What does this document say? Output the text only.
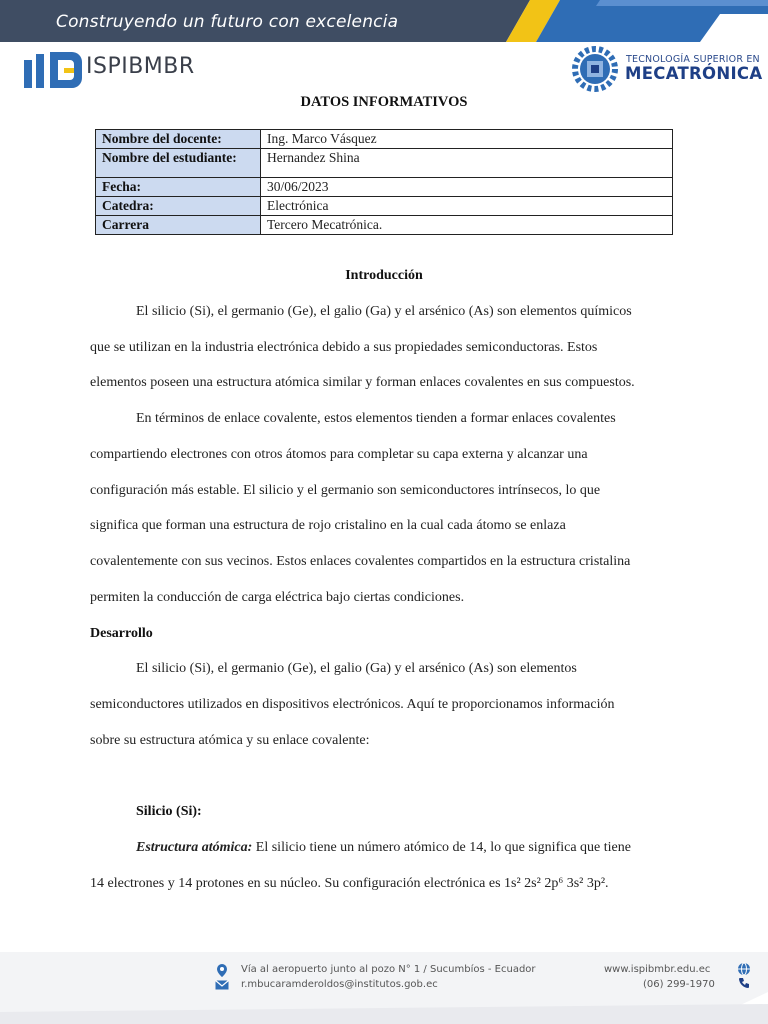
Construyendo un futuro con excelencia
ISPIBMBR	TECNOLOGÍA SUPERIOR EN
MECATRÓNICA
DATOS INFORMATIVOS
Nombre del docente:	Ing. Marco Vásquez
Nombre del estudiante:	Hernandez Shina
Fecha:	30/06/2023
Catedra:	Electrónica
Carrera	Tercero Mecatrónica.
Introducción
El silicio (Si), el germanio (Ge), el galio (Ga) y el arsénico (As) son elementos químicos
que se utilizan en la industria electrónica debido a sus propiedades semiconductoras. Estos
elementos poseen una estructura atómica similar y forman enlaces covalentes en sus compuestos.
En términos de enlace covalente, estos elementos tienden a formar enlaces covalentes
compartiendo electrones con otros átomos para completar su capa externa y alcanzar una
configuración más estable. El silicio y el germanio son semiconductores intrínsecos, lo que
significa que forman una estructura de rojo cristalino en la cual cada átomo se enlaza
covalentemente con sus vecinos. Estos enlaces covalentes compartidos en la estructura cristalina
permiten la conducción de carga eléctrica bajo ciertas condiciones.
Desarrollo
El silicio (Si), el germanio (Ge), el galio (Ga) y el arsénico (As) son elementos
semiconductores utilizados en dispositivos electrónicos. Aquí te proporcionamos información
sobre su estructura atómica y su enlace covalente:
Silicio (Si):
Estructura atómica: El silicio tiene un número atómico de 14, lo que significa que tiene
14 electrones y 14 protones en su núcleo. Su configuración electrónica es 1s² 2s² 2p⁶ 3s² 3p².
Vía al aeropuerto junto al pozo N° 1 / Sucumbíos - Ecuador
r.mbucaramderoldos@institutos.gob.ec
www.ispibmbr.edu.ec
(06) 299-1970
